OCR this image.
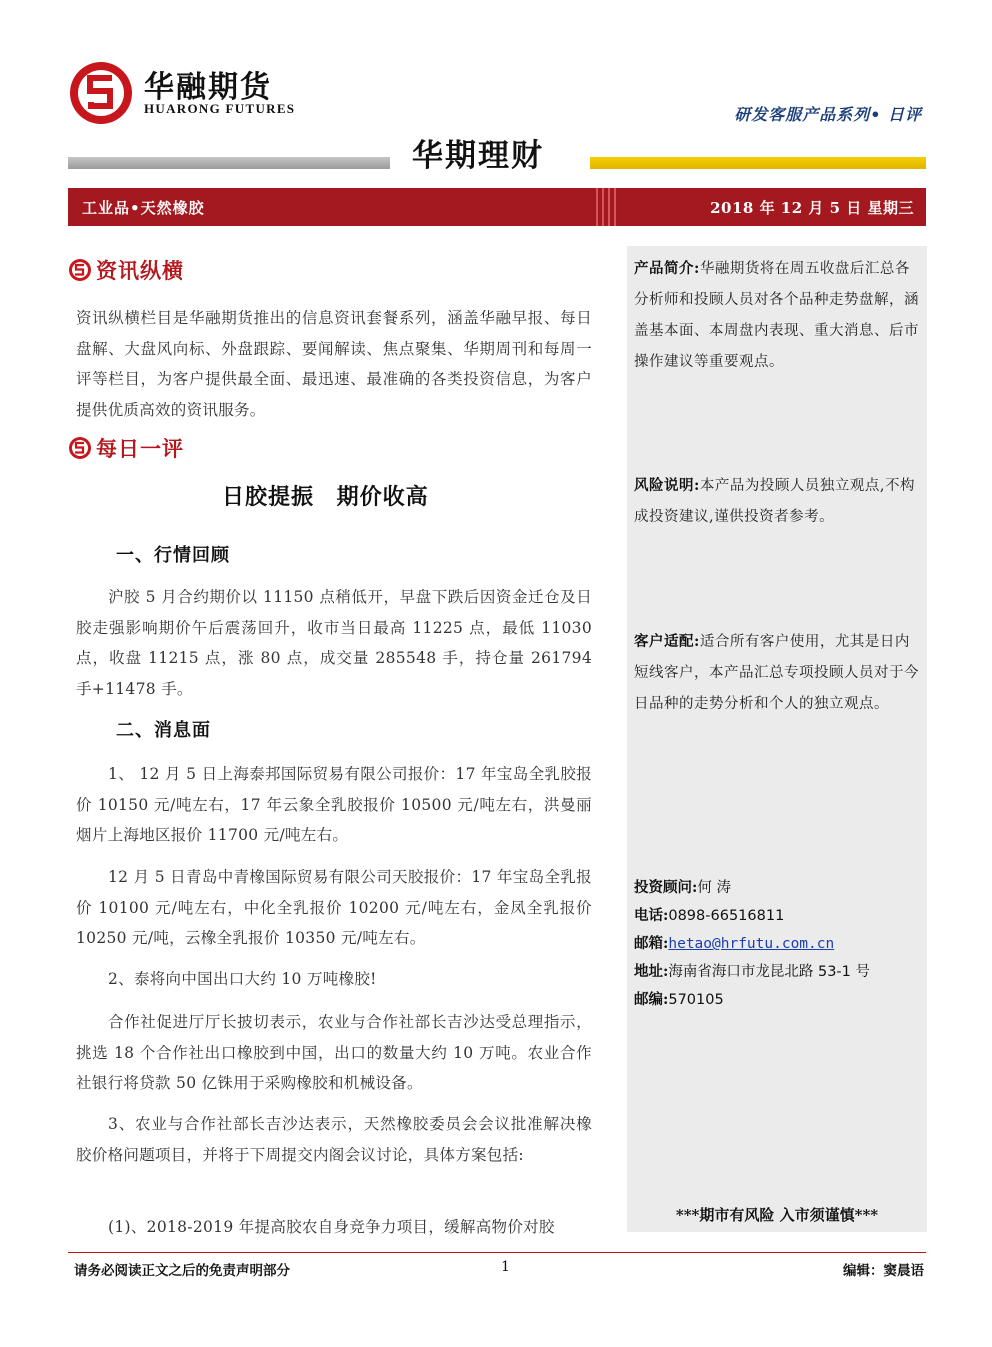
华融期货
HUARONG FUTURES	研发客服产品系列• 日评
华期理财
工业品•天然橡胶	2018 年 12 月 5 日 星期三
产品简介:华融期货将在周五收盘后汇总各分析师和投顾人员对各个品种走势盘解，涵盖基本面、本周盘内表现、重大消息、后市操作建议等重要观点。
风险说明:本产品为投顾人员独立观点,不构成投资建议,谨供投资者参考。
客户适配:适合所有客户使用，尤其是日内短线客户，本产品汇总专项投顾人员对于今日品种的走势分析和个人的独立观点。
投资顾问:何 涛
电话:0898-66516811
邮箱:hetao@hrfutu.com.cn
地址:海南省海口市龙昆北路 53-1 号
邮编:570105
***期市有风险 入市须谨慎***
资讯纵横
资讯纵横栏目是华融期货推出的信息资讯套餐系列，涵盖华融早报、每日盘解、大盘风向标、外盘跟踪、要闻解读、焦点聚集、华期周刊和每周一评等栏目，为客户提供最全面、最迅速、最准确的各类投资信息，为客户提供优质高效的资讯服务。
每日一评
日胶提振 期价收高
一、行情回顾
沪胶 5 月合约期价以 11150 点稍低开，早盘下跌后因资金迁仓及日胶走强影响期价午后震荡回升，收市当日最高 11225 点，最低 11030点，收盘 11215 点，涨 80 点，成交量 285548 手，持仓量 261794 手+11478 手。
二、消息面
1、 12 月 5 日上海泰邦国际贸易有限公司报价：17 年宝岛全乳胶报价 10150 元/吨左右，17 年云象全乳胶报价 10500 元/吨左右，洪曼丽烟片上海地区报价 11700 元/吨左右。
12 月 5 日青岛中青橡国际贸易有限公司天胶报价：17 年宝岛全乳报价 10100 元/吨左右，中化全乳报价 10200 元/吨左右，金凤全乳报价 10250 元/吨，云橡全乳报价 10350 元/吨左右。
2、泰将向中国出口大约 10 万吨橡胶!
合作社促进厅厅长披切表示，农业与合作社部长吉沙达受总理指示，挑选 18 个合作社出口橡胶到中国，出口的数量大约 10 万吨。农业合作社银行将贷款 50 亿铢用于采购橡胶和机械设备。
3、农业与合作社部长吉沙达表示，天然橡胶委员会会议批准解决橡胶价格问题项目，并将于下周提交内阁会议讨论，具体方案包括:
(1)、2018-2019 年提高胶农自身竞争力项目，缓解高物价对胶
请务必阅读正文之后的免责声明部分	1	编辑：窦晨语
